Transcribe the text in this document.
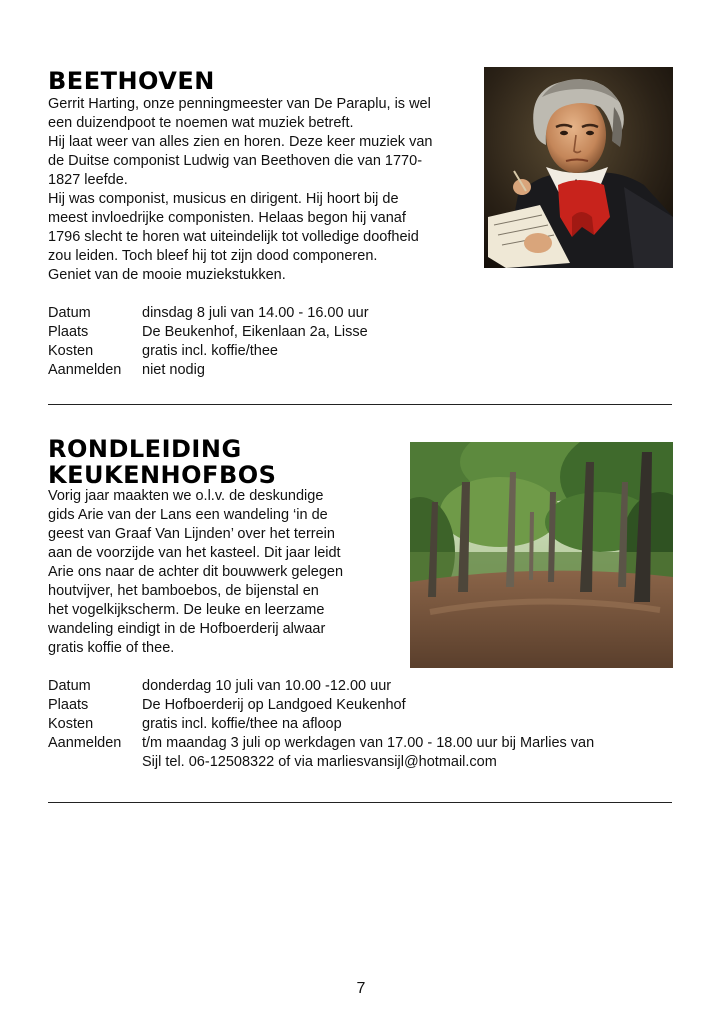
BEETHOVEN

Gerrit Harting, onze penningmeester van De Paraplu, is wel
een duizendpoot te noemen wat muziek betreft.
Hij laat weer van alles zien en horen. Deze keer muziek van
de Duitse componist Ludwig van Beethoven die van 1770-
1827 leefde.
Hij was componist, musicus en dirigent. Hij hoort bij de
meest invloedrijke componisten. Helaas begon hij vanaf
1796 slecht te horen wat uiteindelijk tot volledige doofheid
zou leiden. Toch bleef hij tot zijn dood componeren.
Geniet van de mooie muziekstukken.

Datum	dinsdag 8 juli van 14.00 - 16.00 uur
Plaats	De Beukenhof, Eikenlaan 2a, Lisse
Kosten	gratis incl. koffie/thee
Aanmelden	niet nodig
RONDLEIDING
KEUKENHOFBOS

Vorig jaar maakten we o.l.v. de deskundige
gids Arie van der Lans een wandeling ‘in de
geest van Graaf Van Lijnden’ over het terrein
aan de voorzijde van het kasteel. Dit jaar leidt
Arie ons naar de achter dit bouwwerk gelegen
houtvijver, het bamboebos, de bijenstal en
het vogelkijkscherm. De leuke en leerzame
wandeling eindigt in de Hofboerderij alwaar
gratis koffie of thee.

Datum	donderdag 10 juli van 10.00 -12.00 uur
Plaats	De Hofboerderij op Landgoed Keukenhof
Kosten	gratis incl. koffie/thee na afloop
Aanmelden	t/m maandag 3 juli op werkdagen van 17.00 - 18.00 uur bij Marlies van
Sijl tel. 06-12508322 of via marliesvansijl@hotmail.com
7
